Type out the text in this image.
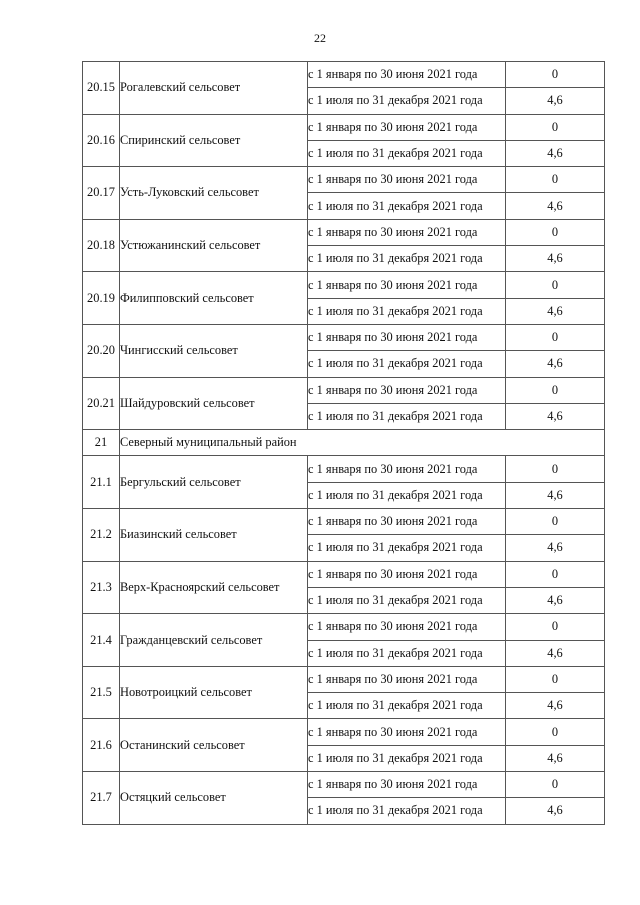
22
20.15	Рогалевский сельсовет	с 1 января по 30 июня 2021 года	0
		с 1 июля по 31 декабря 2021 года	4,6
20.16	Спиринский сельсовет	с 1 января по 30 июня 2021 года	0
		с 1 июля по 31 декабря 2021 года	4,6
20.17	Усть-Луковский сельсовет	с 1 января по 30 июня 2021 года	0
		с 1 июля по 31 декабря 2021 года	4,6
20.18	Устюжанинский сельсовет	с 1 января по 30 июня 2021 года	0
		с 1 июля по 31 декабря 2021 года	4,6
20.19	Филипповский сельсовет	с 1 января по 30 июня 2021 года	0
		с 1 июля по 31 декабря 2021 года	4,6
20.20	Чингисский сельсовет	с 1 января по 30 июня 2021 года	0
		с 1 июля по 31 декабря 2021 года	4,6
20.21	Шайдуровский сельсовет	с 1 января по 30 июня 2021 года	0
		с 1 июля по 31 декабря 2021 года	4,6
21	Северный муниципальный район		
21.1	Бергульский сельсовет	с 1 января по 30 июня 2021 года	0
		с 1 июля по 31 декабря 2021 года	4,6
21.2	Биазинский сельсовет	с 1 января по 30 июня 2021 года	0
		с 1 июля по 31 декабря 2021 года	4,6
21.3	Верх-Красноярский сельсовет	с 1 января по 30 июня 2021 года	0
		с 1 июля по 31 декабря 2021 года	4,6
21.4	Гражданцевский сельсовет	с 1 января по 30 июня 2021 года	0
		с 1 июля по 31 декабря 2021 года	4,6
21.5	Новотроицкий сельсовет	с 1 января по 30 июня 2021 года	0
		с 1 июля по 31 декабря 2021 года	4,6
21.6	Останинский сельсовет	с 1 января по 30 июня 2021 года	0
		с 1 июля по 31 декабря 2021 года	4,6
21.7	Остяцкий сельсовет	с 1 января по 30 июня 2021 года	0
		с 1 июля по 31 декабря 2021 года	4,6
